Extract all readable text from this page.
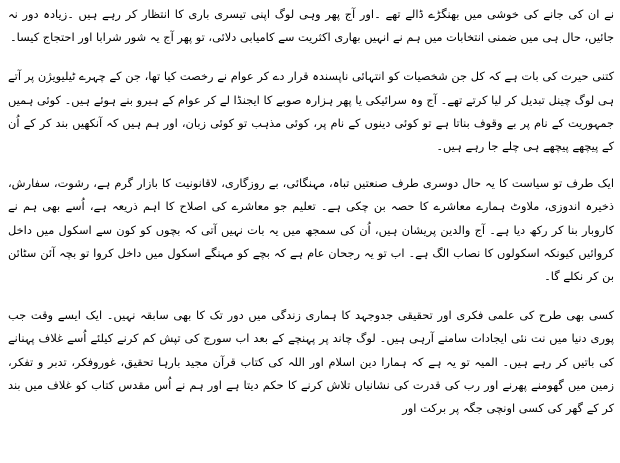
نے ان کی جانے کی خوشی میں بھنگڑے ڈالے تھے ۔اور آج پھر وہی لوگ اپنی تیسری باری کا انتظار کر رہے ہیں ۔زیادہ دور نہ جائیں، حال ہی میں ضمنی انتخابات میں ہم نے انہیں بھاری اکثریت سے کامیابی دلائی، تو پھر آج یہ شور شرابا اور احتجاج کیسا۔

کتنی حیرت کی بات ہے کہ کل جن شخصیات کو انتہائی ناپسندہ قرار دے کر عوام نے رخصت کیا تھا، جن کے چہرے ٹیلیویژن پر آتے ہی لوگ چینل تبدیل کر لیا کرتے تھے۔ آج وہ سرائیکی یا پھر ہزارہ صوبے کا ایجنڈا لے کر عوام کے ہیرو بنے ہوئے ہیں۔ کوئی ہمیں جمہوریت کے نام پر بے وقوف بناتا ہے تو کوئی دینوں کے نام پر، کوئی مذہب تو کوئی زبان، اور ہم ہیں کہ آنکھیں بند کر کے اُن کے پیچھے پیچھے ہی چلے جا رہے ہیں۔

ایک طرف تو سیاست کا یہ حال دوسری طرف صنعتیں تباہ، مہنگائی، بے روزگاری، لاقانونیت کا بازار گرم ہے، رشوت، سفارش، ذخیرہ اندوزی، ملاوٹ ہمارے معاشرے کا حصہ بن چکی ہے۔ تعلیم جو معاشرے کی اصلاح کا اہم ذریعہ ہے، اُسے بھی ہم نے کاروبار بنا کر رکھ دیا ہے۔ آج والدین پریشان ہیں، اُن کی سمجھ میں یہ بات نہیں آتی کہ بچوں کو کون سے اسکول میں داخل کروائیں کیونکہ اسکولوں کا نصاب الگ ہے۔ اب تو یہ رجحان عام ہے کہ بچے کو مہنگے اسکول میں داخل کروا تو بچہ آئن سٹائن بن کر نکلے گا۔

کسی بھی طرح کی علمی فکری اور تحقیقی جدوجہد کا ہماری زندگی میں دور تک کا بھی سابقہ نہیں۔ ایک ایسے وقت جب پوری دنیا میں نت نئی ایجادات سامنے آرہی ہیں۔ لوگ چاند پر پہنچے کے بعد اب سورج کی تپش کم کرنے کیلئے اُسے غلاف پہنانے کی باتیں کر رہے ہیں۔ المیہ تو یہ ہے کہ ہمارا دین اسلام اور اللہ کی کتاب قرآن مجید بارہا تحقیق، غوروفکر، تدبر و تفکر، زمین میں گھومنے پھرنے اور رب کی قدرت کی نشانیاں تلاش کرنے کا حکم دیتا ہے اور ہم نے اُس مقدس کتاب کو غلاف میں بند کر کے گھر کی کسی اونچی جگہ پر برکت اور
